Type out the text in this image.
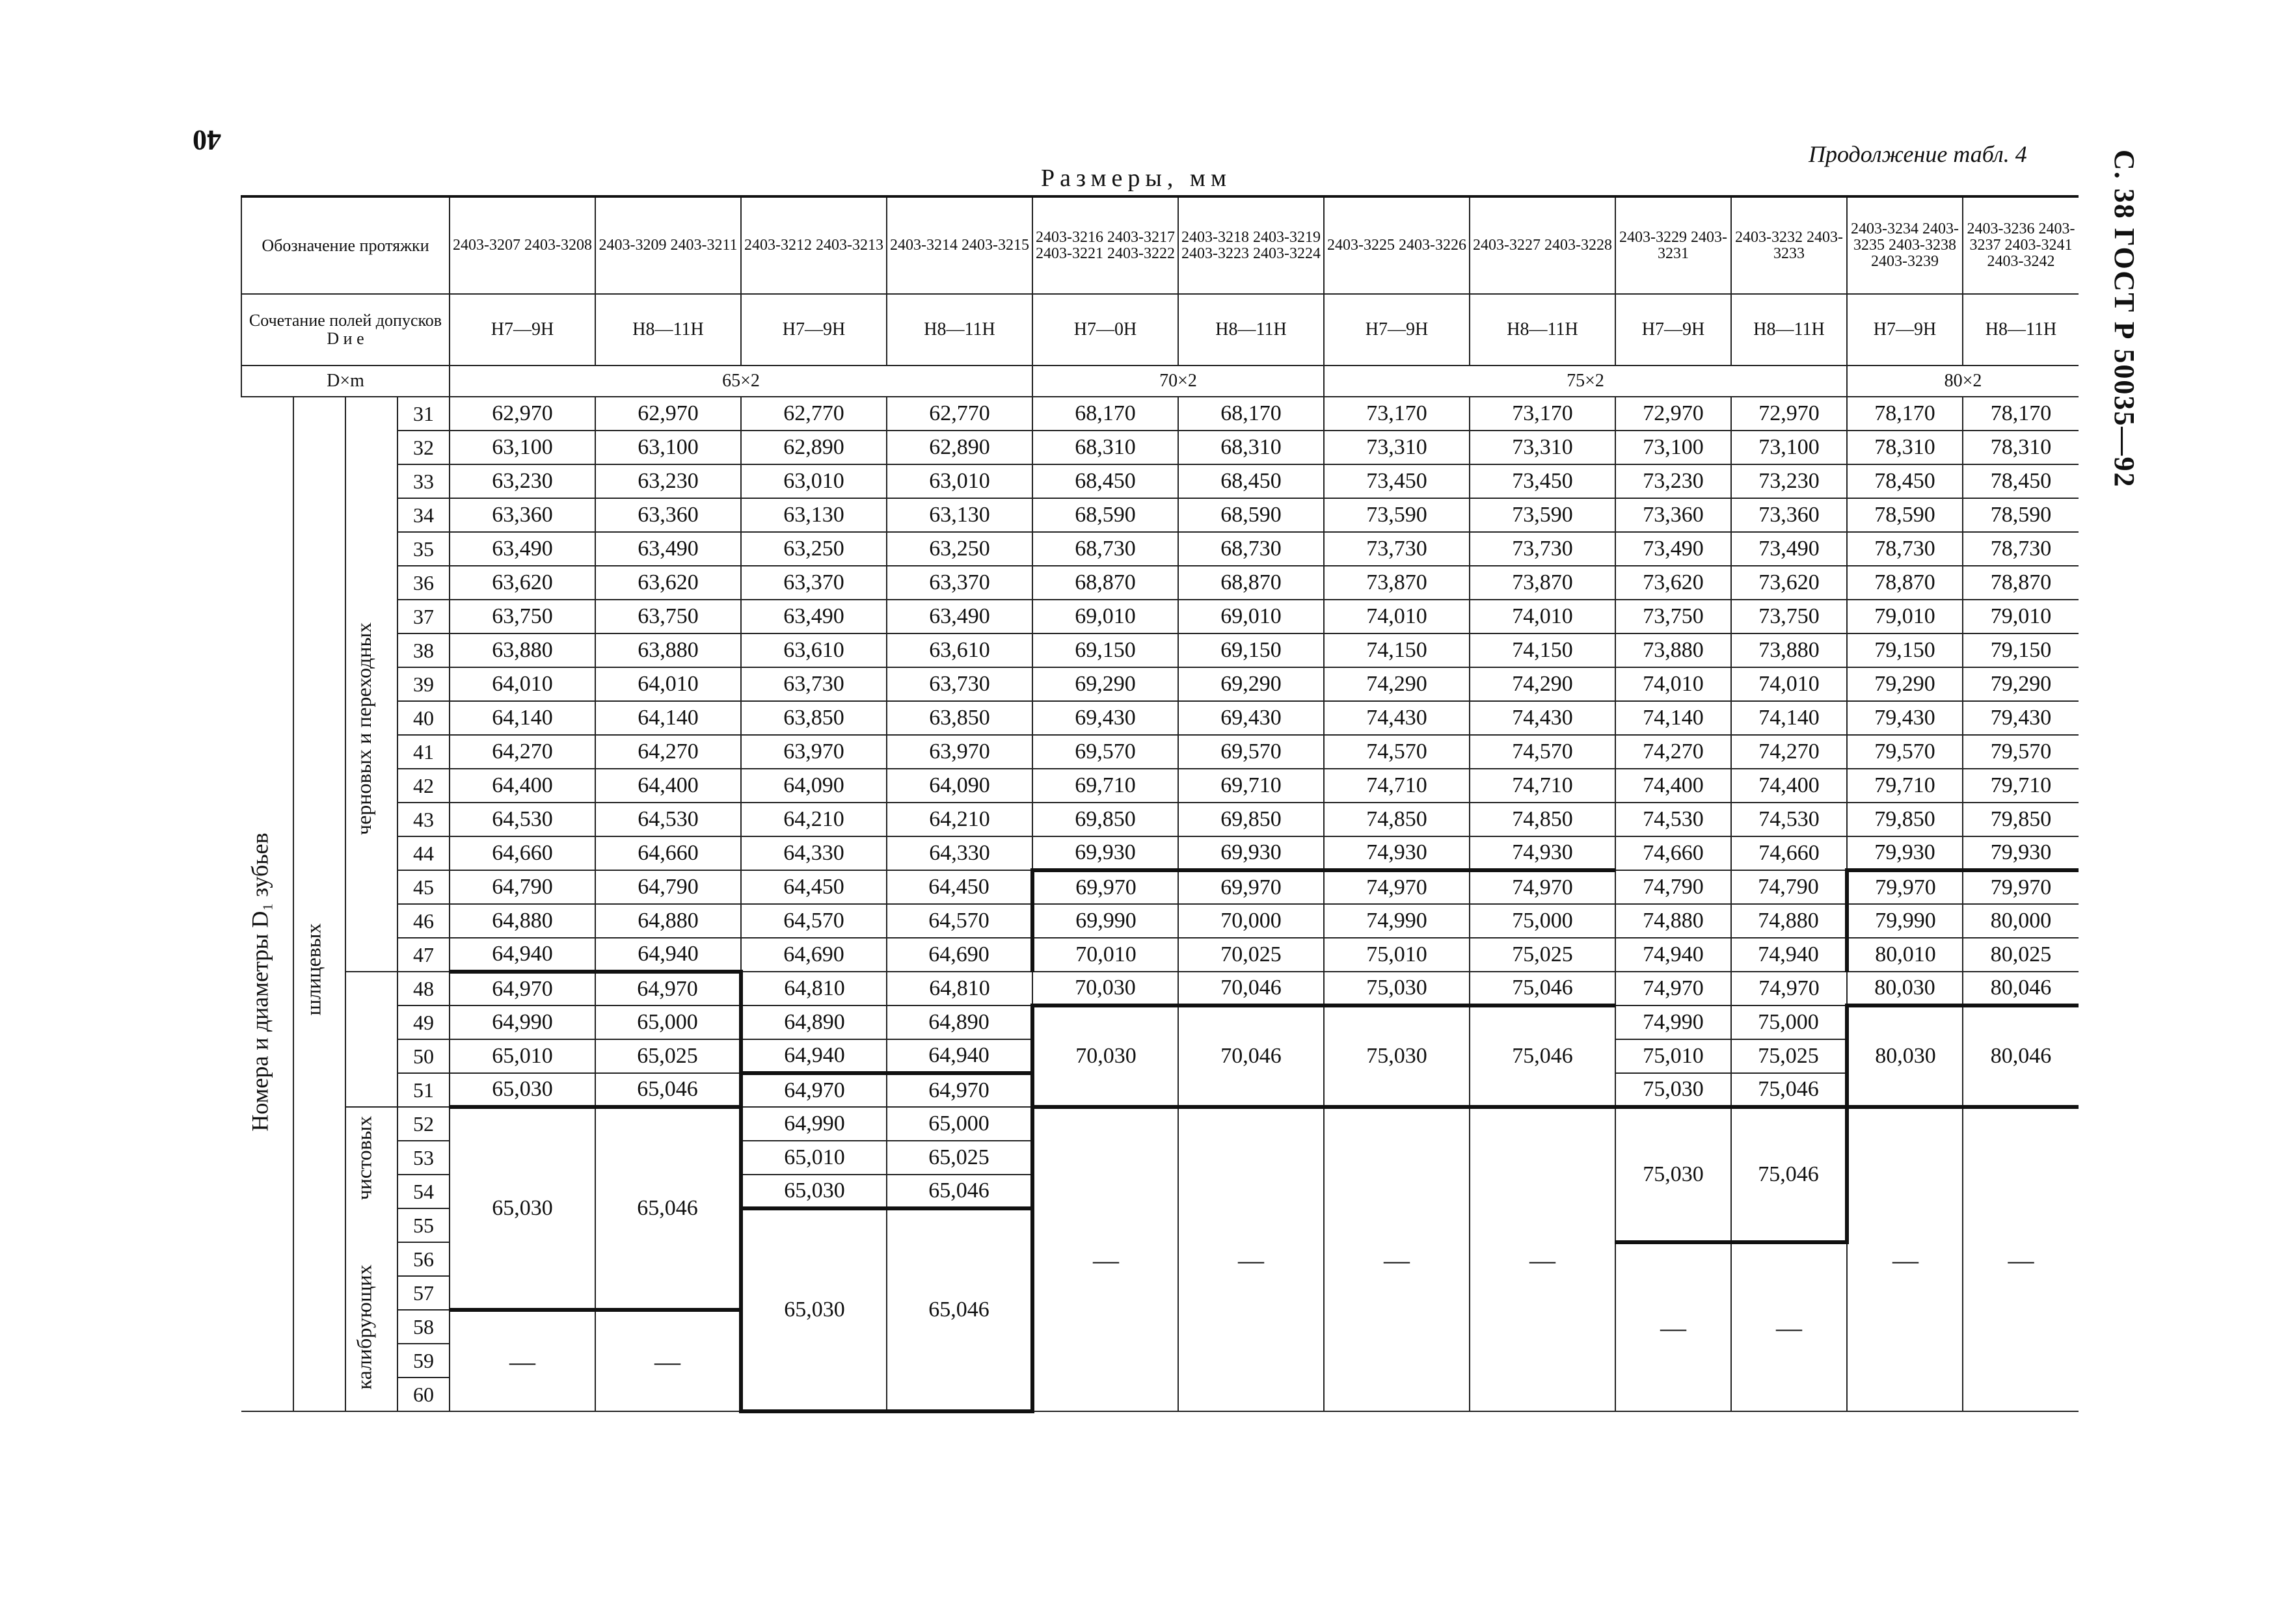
40
Размеры, мм
Продолжение табл. 4	С. 38 ГОСТ Р 50035—92
Обозначение протяжки				2403-3207 2403-3208	2403-3209 2403-3211	2403-3212 2403-3213	2403-3214 2403-3215	2403-3216 2403-3217 2403-3221 2403-3222	2403-3218 2403-3219 2403-3223 2403-3224	2403-3225 2403-3226	2403-3227 2403-3228	2403-3229 2403-3231	2403-3232 2403-3233	2403-3234 2403-3235 2403-3238 2403-3239	2403-3236 2403-3237 2403-3241 2403-3242
Сочетание полей допусков D и e				H7—9H	H8—11H	H7—9H	H8—11H	H7—0H	H8—11H	H7—9H	H8—11H	H7—9H	H8—11H	H7—9H	H8—11H
D×m				65×2				70×2		75×2				80×2	
			31	62,970	62,970	62,770	62,770	68,170	68,170	73,170	73,170	72,970	72,970	78,170	78,170
			32	63,100	63,100	62,890	62,890	68,310	68,310	73,310	73,310	73,100	73,100	78,310	78,310
			33	63,230	63,230	63,010	63,010	68,450	68,450	73,450	73,450	73,230	73,230	78,450	78,450
			34	63,360	63,360	63,130	63,130	68,590	68,590	73,590	73,590	73,360	73,360	78,590	78,590
			35	63,490	63,490	63,250	63,250	68,730	68,730	73,730	73,730	73,490	73,490	78,730	78,730
			36	63,620	63,620	63,370	63,370	68,870	68,870	73,870	73,870	73,620	73,620	78,870	78,870
			37	63,750	63,750	63,490	63,490	69,010	69,010	74,010	74,010	73,750	73,750	79,010	79,010
			38	63,880	63,880	63,610	63,610	69,150	69,150	74,150	74,150	73,880	73,880	79,150	79,150
			39	64,010	64,010	63,730	63,730	69,290	69,290	74,290	74,290	74,010	74,010	79,290	79,290
			40	64,140	64,140	63,850	63,850	69,430	69,430	74,430	74,430	74,140	74,140	79,430	79,430
			41	64,270	64,270	63,970	63,970	69,570	69,570	74,570	74,570	74,270	74,270	79,570	79,570
			42	64,400	64,400	64,090	64,090	69,710	69,710	74,710	74,710	74,400	74,400	79,710	79,710
			43	64,530	64,530	64,210	64,210	69,850	69,850	74,850	74,850	74,530	74,530	79,850	79,850
			44	64,660	64,660	64,330	64,330	69,930	69,930	74,930	74,930	74,660	74,660	79,930	79,930
			45	64,790	64,790	64,450	64,450	69,970	69,970	74,970	74,970	74,790	74,790	79,970	79,970
			46	64,880	64,880	64,570	64,570	69,990	70,000	74,990	75,000	74,880	74,880	79,990	80,000
			47	64,940	64,940	64,690	64,690	70,010	70,025	75,010	75,025	74,940	74,940	80,010	80,025
			48	64,970	64,970	64,810	64,810	70,030	70,046	75,030	75,046	74,970	74,970	80,030	80,046
			49	64,990	65,000	64,890	64,890	70,030	70,046	75,030	75,046	74,990	75,000	80,030	80,046
			50	65,010	65,025	64,940	64,940					75,010	75,025		
			51	65,030	65,046	64,970	64,970					75,030	75,046		
			52	65,030	65,046	64,990	65,000	—	—	—	—	75,030	75,046	—	—
			53			65,010	65,025								
			54			65,030	65,046								
			55			65,030	65,046								
			56									—	—		
			57												
			58	—	—										
			59												
			60												
Номера и диаметры D₁ зубьев шлицевых
черновых и переходных
чистовых
калибрующих
